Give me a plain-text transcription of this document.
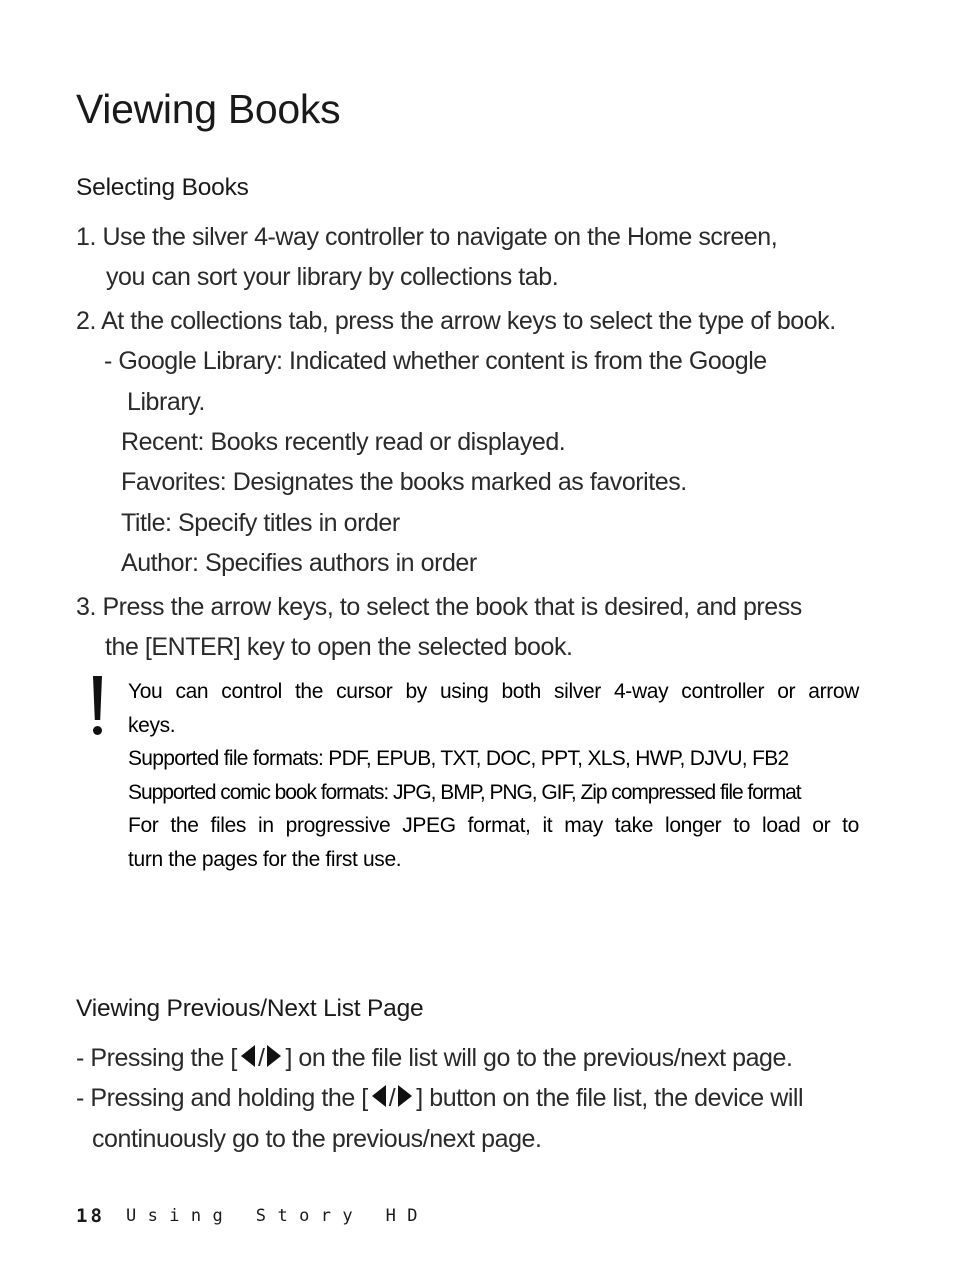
Viewing Books
Selecting Books
1. Use the silver 4-way controller to navigate on the Home screen,
you can sort your library by collections tab.
2. At the collections tab, press the arrow keys to select the type of book.
- Google Library: Indicated whether content is from the Google
Library.
Recent: Books recently read or displayed.
Favorites: Designates the books marked as favorites.
Title: Specify titles in order
Author: Specifies authors in order
3. Press the arrow keys, to select the book that is desired, and press
the [ENTER] key to open the selected book.
You can control the cursor by using both silver 4-way controller or arrow
keys.
Supported file formats: PDF, EPUB, TXT, DOC, PPT, XLS, HWP, DJVU, FB2
Supported comic book formats: JPG, BMP, PNG, GIF, Zip compressed file format
For the files in progressive JPEG format, it may take longer to load or to
turn the pages for the first use.
Viewing Previous/Next List Page
- Pressing the [ / ] on the file list will go to the previous/next page.
- Pressing and holding the [ / ] button on the file list, the device will
continuously go to the previous/next page.
18 Using Story HD
